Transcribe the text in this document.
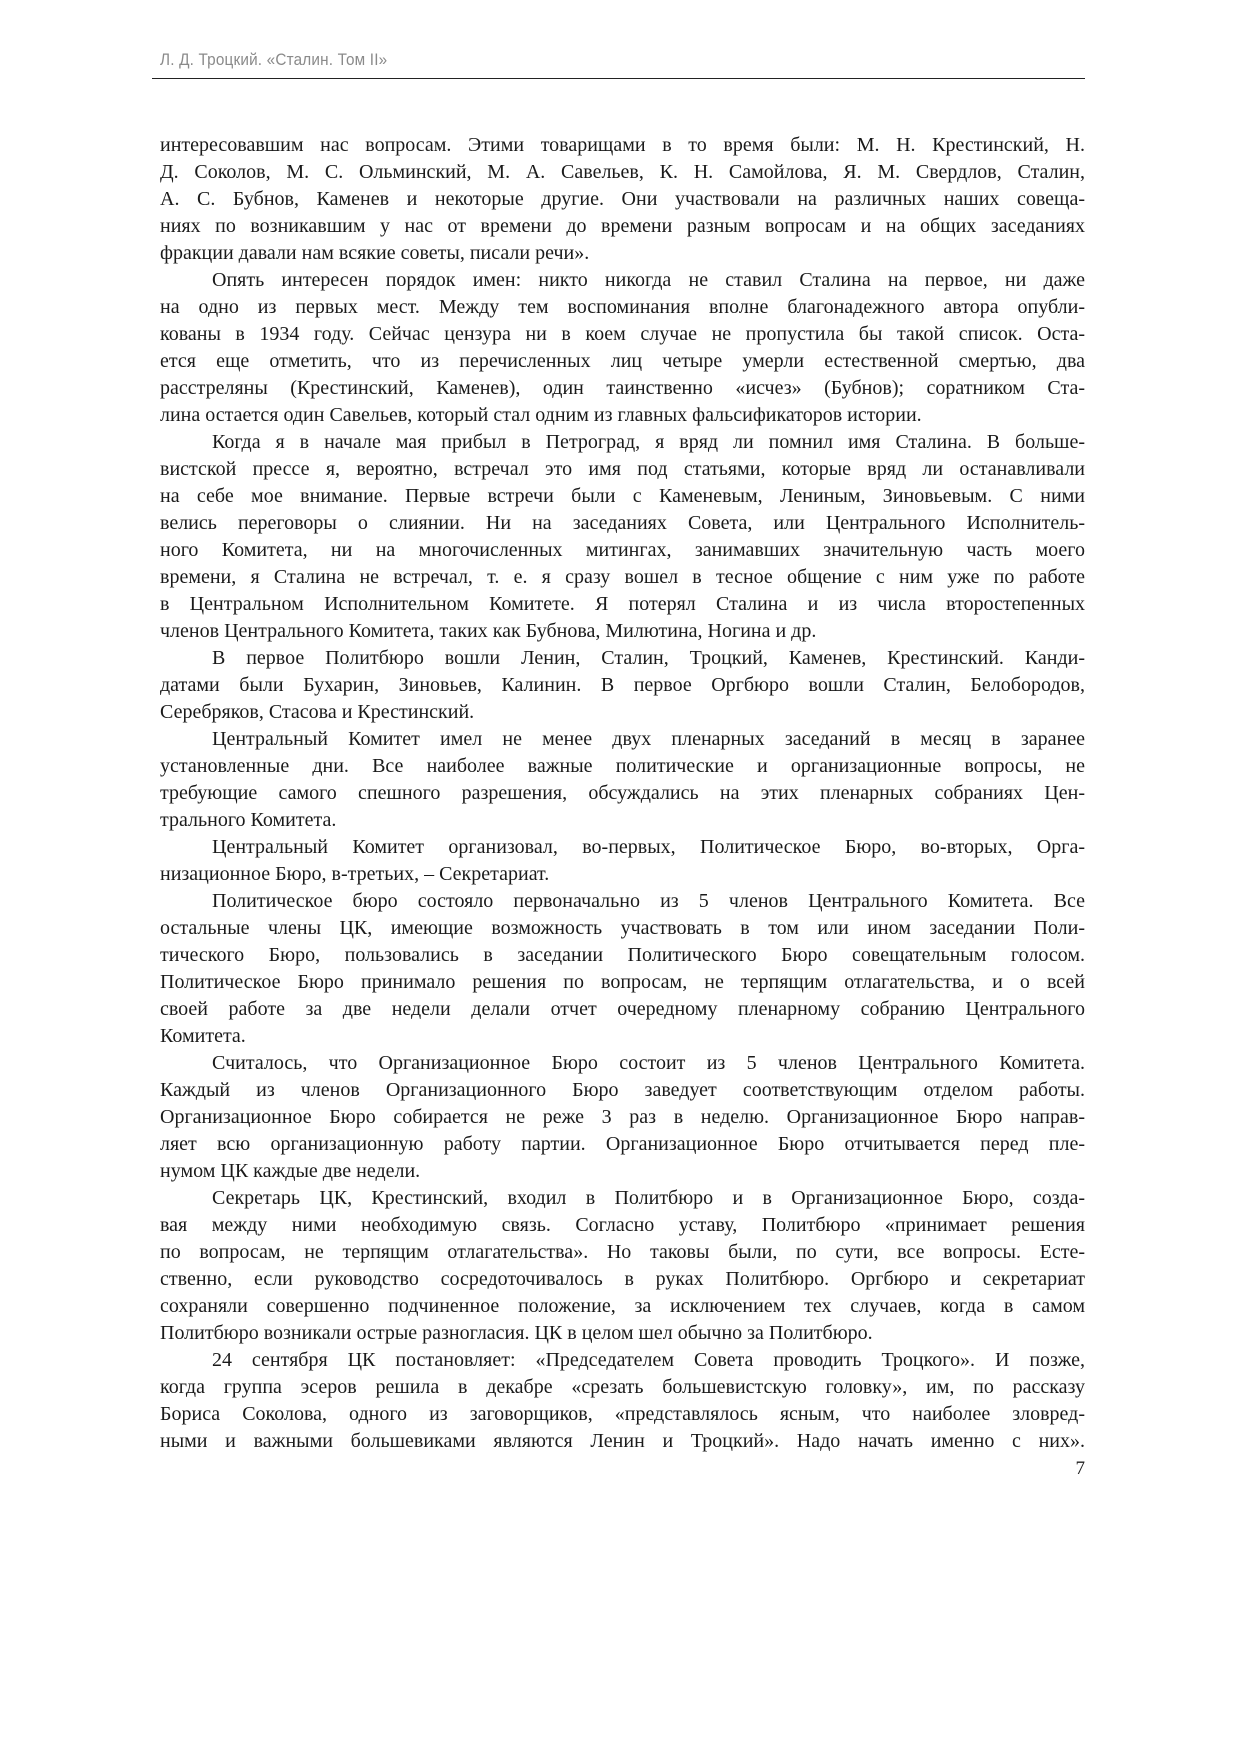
Л. Д. Троцкий. «Сталин. Том II»
интересовавшим нас вопросам. Этими товарищами в то время были: М. Н. Крестинский, Н.
Д. Соколов, М. С. Ольминский, М. А. Савельев, К. Н. Самойлова, Я. М. Свердлов, Сталин,
А. С. Бубнов, Каменев и некоторые другие. Они участвовали на различных наших совеща-
ниях по возникавшим у нас от времени до времени разным вопросам и на общих заседаниях
фракции давали нам всякие советы, писали речи».
Опять интересен порядок имен: никто никогда не ставил Сталина на первое, ни даже
на одно из первых мест. Между тем воспоминания вполне благонадежного автора опубли-
кованы в 1934 году. Сейчас цензура ни в коем случае не пропустила бы такой список. Оста-
ется еще отметить, что из перечисленных лиц четыре умерли естественной смертью, два
расстреляны (Крестинский, Каменев), один таинственно «исчез» (Бубнов); соратником Ста-
лина остается один Савельев, который стал одним из главных фальсификаторов истории.
Когда я в начале мая прибыл в Петроград, я вряд ли помнил имя Сталина. В больше-
вистской прессе я, вероятно, встречал это имя под статьями, которые вряд ли останавливали
на себе мое внимание. Первые встречи были с Каменевым, Лениным, Зиновьевым. С ними
велись переговоры о слиянии. Ни на заседаниях Совета, или Центрального Исполнитель-
ного Комитета, ни на многочисленных митингах, занимавших значительную часть моего
времени, я Сталина не встречал, т. е. я сразу вошел в тесное общение с ним уже по работе
в Центральном Исполнительном Комитете. Я потерял Сталина и из числа второстепенных
членов Центрального Комитета, таких как Бубнова, Милютина, Ногина и др.
В первое Политбюро вошли Ленин, Сталин, Троцкий, Каменев, Крестинский. Канди-
датами были Бухарин, Зиновьев, Калинин. В первое Оргбюро вошли Сталин, Белобородов,
Серебряков, Стасова и Крестинский.
Центральный Комитет имел не менее двух пленарных заседаний в месяц в заранее
установленные дни. Все наиболее важные политические и организационные вопросы, не
требующие самого спешного разрешения, обсуждались на этих пленарных собраниях Цен-
трального Комитета.
Центральный Комитет организовал, во-первых, Политическое Бюро, во-вторых, Орга-
низационное Бюро, в-третьих, – Секретариат.
Политическое бюро состояло первоначально из 5 членов Центрального Комитета. Все
остальные члены ЦК, имеющие возможность участвовать в том или ином заседании Поли-
тического Бюро, пользовались в заседании Политического Бюро совещательным голосом.
Политическое Бюро принимало решения по вопросам, не терпящим отлагательства, и о всей
своей работе за две недели делали отчет очередному пленарному собранию Центрального
Комитета.
Считалось, что Организационное Бюро состоит из 5 членов Центрального Комитета.
Каждый из членов Организационного Бюро заведует соответствующим отделом работы.
Организационное Бюро собирается не реже 3 раз в неделю. Организационное Бюро направ-
ляет всю организационную работу партии. Организационное Бюро отчитывается перед пле-
нумом ЦК каждые две недели.
Секретарь ЦК, Крестинский, входил в Политбюро и в Организационное Бюро, созда-
вая между ними необходимую связь. Согласно уставу, Политбюро «принимает решения
по вопросам, не терпящим отлагательства». Но таковы были, по сути, все вопросы. Есте-
ственно, если руководство сосредоточивалось в руках Политбюро. Оргбюро и секретариат
сохраняли совершенно подчиненное положение, за исключением тех случаев, когда в самом
Политбюро возникали острые разногласия. ЦК в целом шел обычно за Политбюро.
24 сентября ЦК постановляет: «Председателем Совета проводить Троцкого». И позже,
когда группа эсеров решила в декабре «срезать большевистскую головку», им, по рассказу
Бориса Соколова, одного из заговорщиков, «представлялось ясным, что наиболее зловред-
ными и важными большевиками являются Ленин и Троцкий». Надо начать именно с них».
7
